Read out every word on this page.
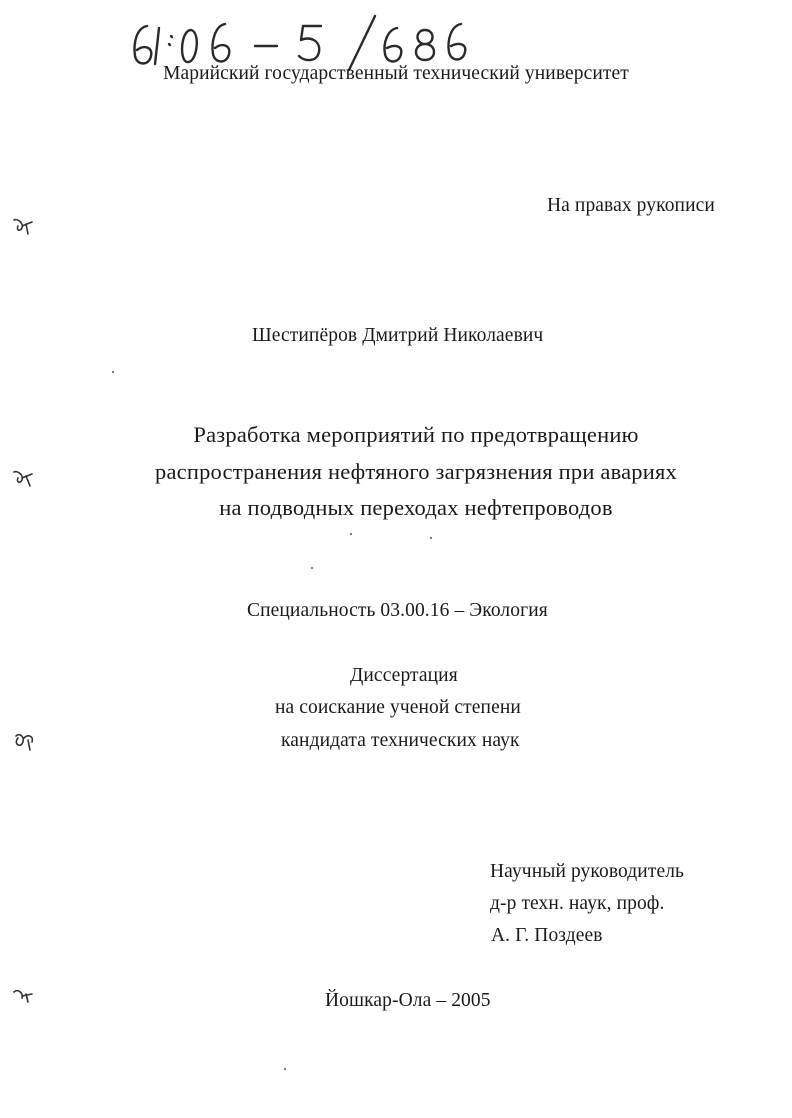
Марийский государственный технический университет
На правах рукописи
Шестипёров Дмитрий Николаевич
Разработка мероприятий по предотвращению
распространения нефтяного загрязнения при авариях
на подводных переходах нефтепроводов
Специальность 03.00.16 – Экология
Диссертация
на соискание ученой степени
кандидата технических наук
Научный руководитель
д-р техн. наук, проф.
А. Г. Поздеев
Йошкар-Ола – 2005
